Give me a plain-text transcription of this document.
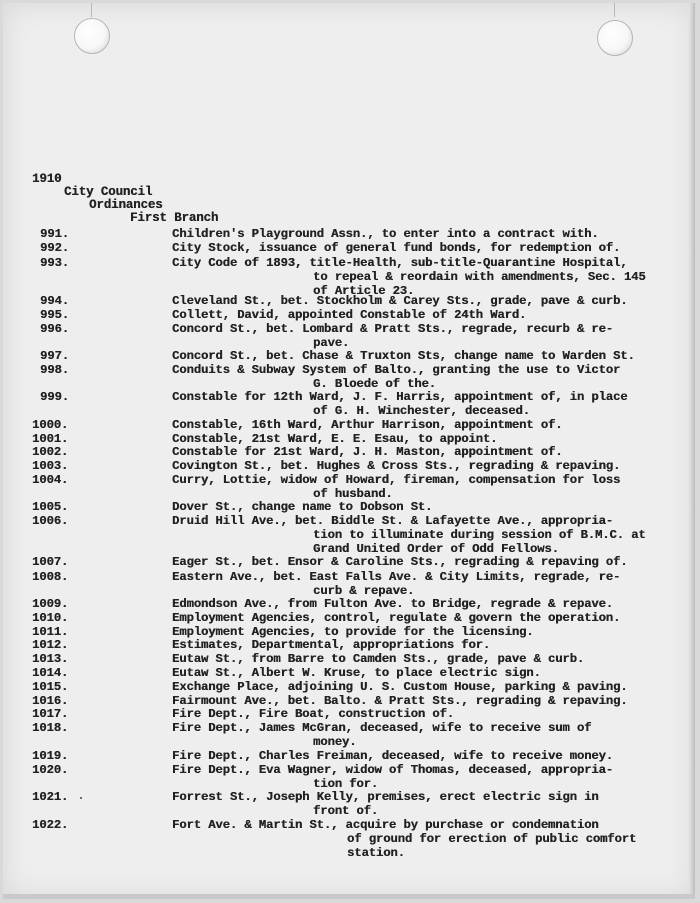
1910
City Council
Ordinances
First Branch
991.	Children's Playground Assn., to enter into a contract with.
992.	City Stock, issuance of general fund bonds, for redemption of.
993.	City Code of 1893, title-Health, sub-title-Quarantine Hospital,
to repeal & reordain with amendments, Sec. 145
of Article 23.
994.	Cleveland St., bet. Stockholm & Carey Sts., grade, pave & curb.
995.	Collett, David, appointed Constable of 24th Ward.
996.	Concord St., bet. Lombard & Pratt Sts., regrade, recurb & re-
pave.
997.	Concord St., bet. Chase & Truxton Sts, change name to Warden St.
998.	Conduits & Subway System of Balto., granting the use to Victor
G. Bloede of the.
999.	Constable for 12th Ward, J. F. Harris, appointment of, in place
of G. H. Winchester, deceased.
1000.	Constable, 16th Ward, Arthur Harrison, appointment of.
1001.	Constable, 21st Ward, E. E. Esau, to appoint.
1002.	Constable for 21st Ward, J. H. Maston, appointment of.
1003.	Covington St., bet. Hughes & Cross Sts., regrading & repaving.
1004.	Curry, Lottie, widow of Howard, fireman, compensation for loss
of husband.
1005.	Dover St., change name to Dobson St.
1006.	Druid Hill Ave., bet. Biddle St. & Lafayette Ave., appropria-
tion to illuminate during session of B.M.C. at
Grand United Order of Odd Fellows.
1007.	Eager St., bet. Ensor & Caroline Sts., regrading & repaving of.
1008.	Eastern Ave., bet. East Falls Ave. & City Limits, regrade, re-
curb & repave.
1009.	Edmondson Ave., from Fulton Ave. to Bridge, regrade & repave.
1010.	Employment Agencies, control, regulate & govern the operation.
1011.	Employment Agencies, to provide for the licensing.
1012.	Estimates, Departmental, appropriations for.
1013.	Eutaw St., from Barre to Camden Sts., grade, pave & curb.
1014.	Eutaw St., Albert W. Kruse, to place electric sign.
1015.	Exchange Place, adjoining U. S. Custom House, parking & paving.
1016.	Fairmount Ave., bet. Balto. & Pratt Sts., regrading & repaving.
1017.	Fire Dept., Fire Boat, construction of.
1018.	Fire Dept., James McGran, deceased, wife to receive sum of
money.
1019.	Fire Dept., Charles Freiman, deceased, wife to receive money.
1020.	Fire Dept., Eva Wagner, widow of Thomas, deceased, appropria-
tion for.
1021.	Forrest St., Joseph Kelly, premises, erect electric sign in
front of.
1022.	Fort Ave. & Martin St., acquire by purchase or condemnation
of ground for erection of public comfort
station.
